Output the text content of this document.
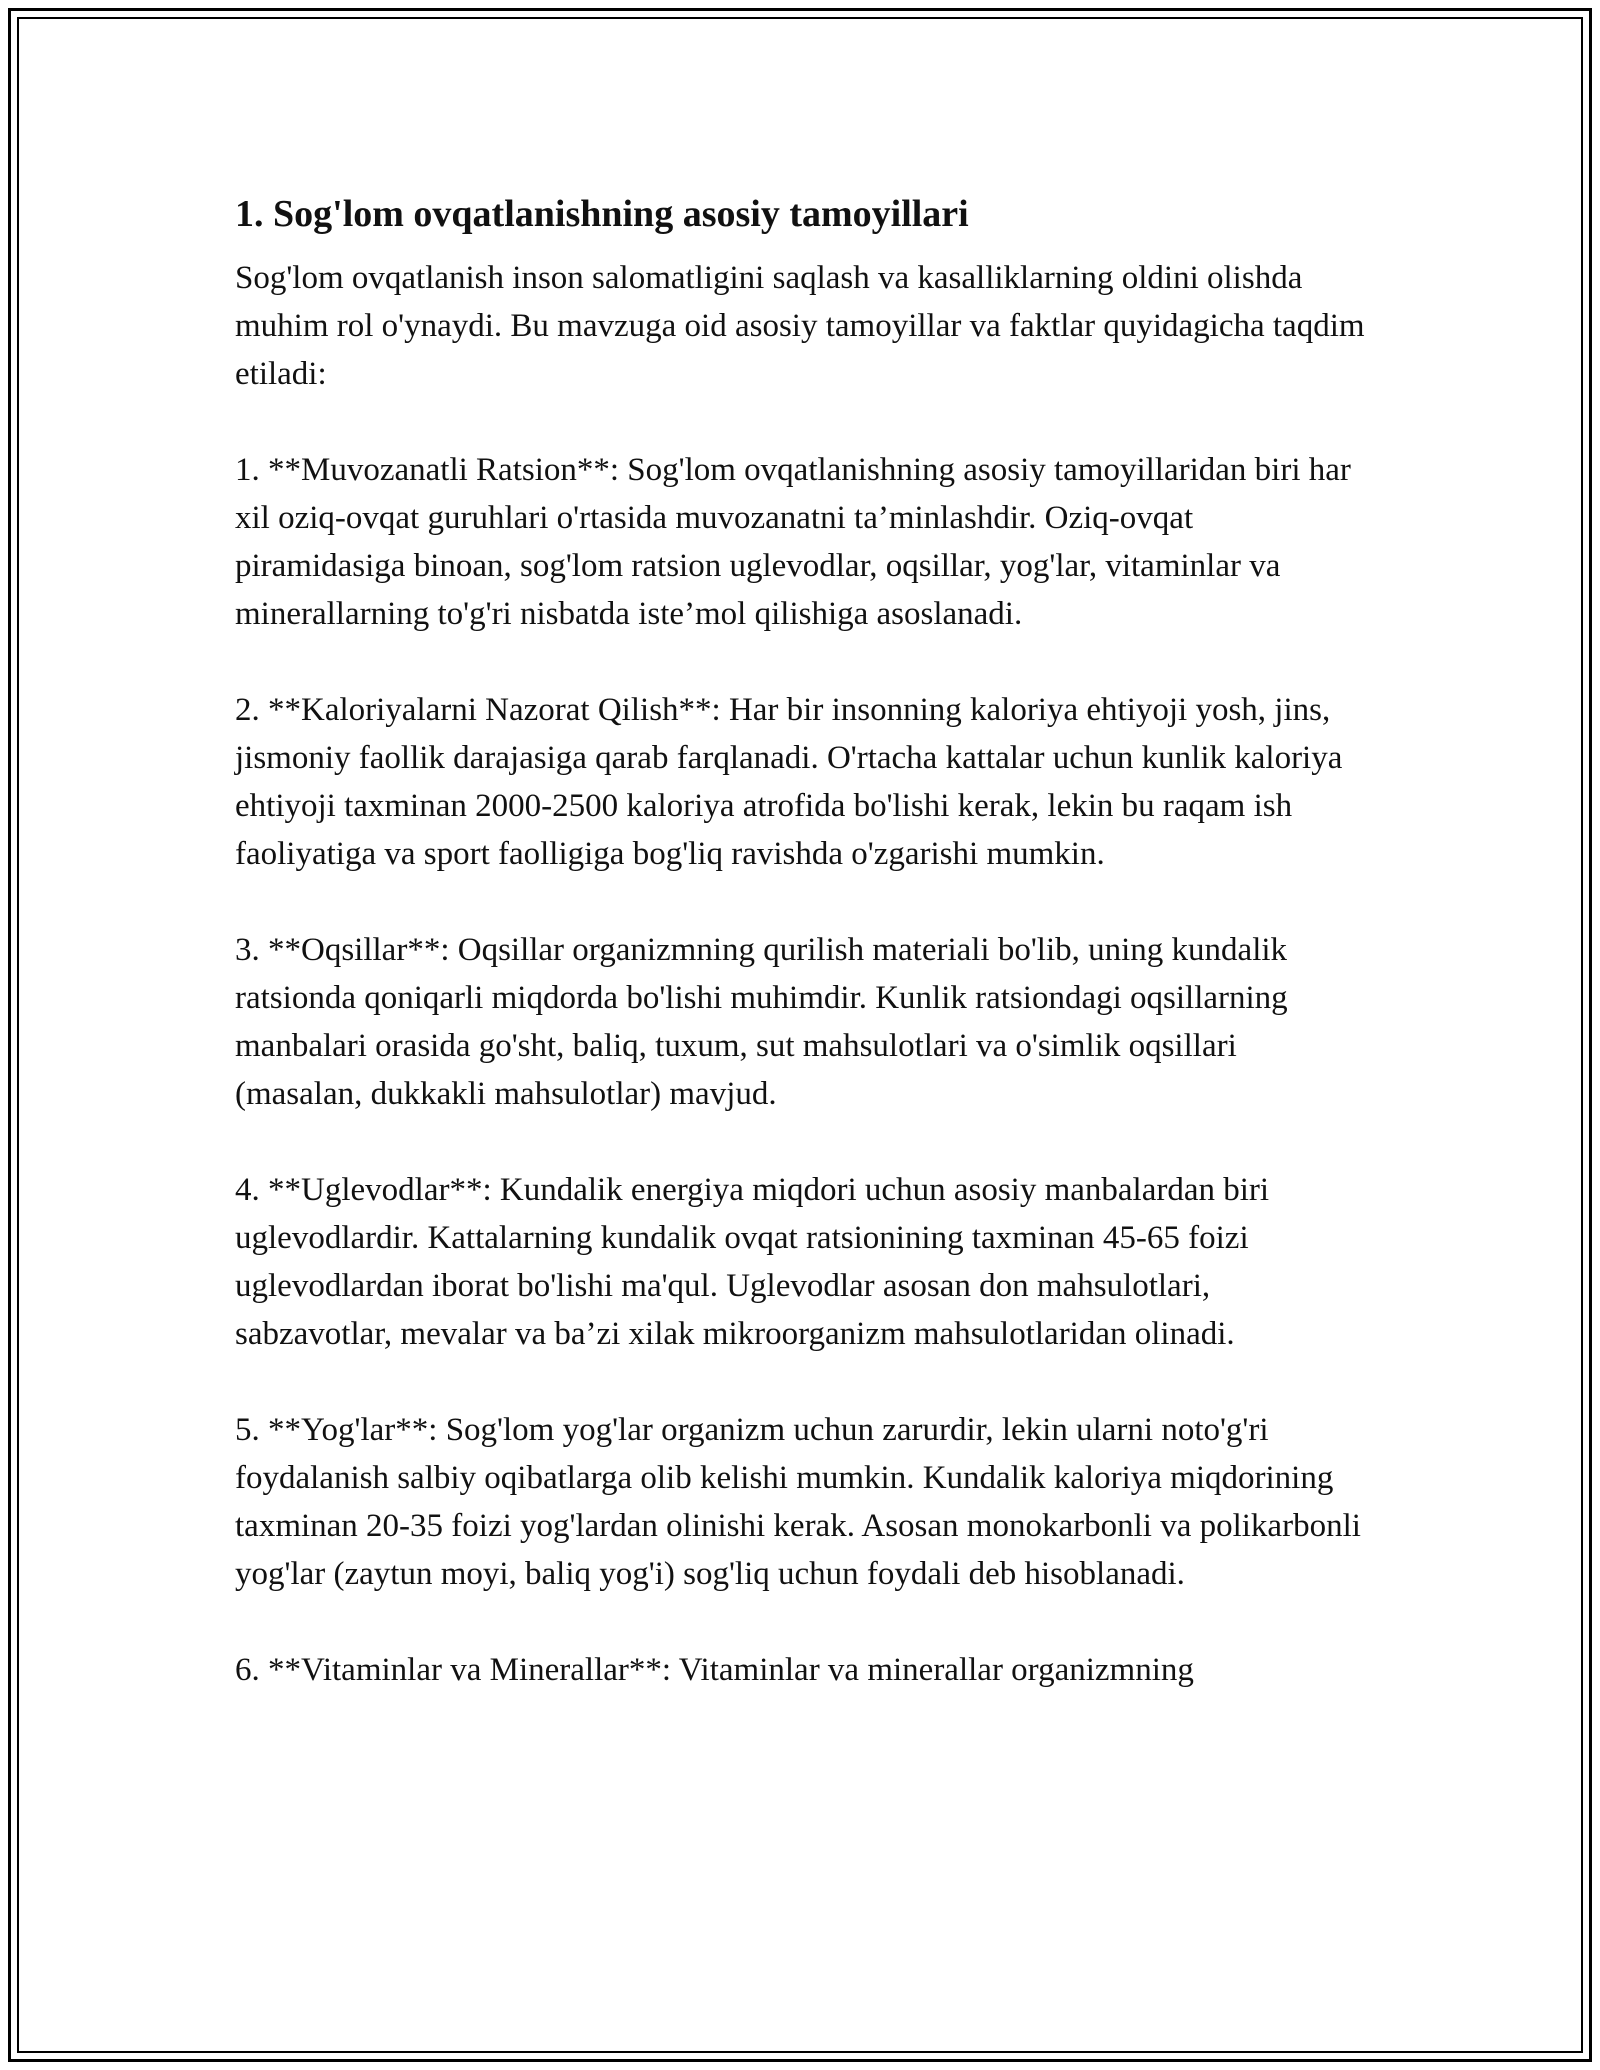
1. Sog'lom ovqatlanishning asosiy tamoyillari

Sog'lom ovqatlanish inson salomatligini saqlash va kasalliklarning oldini olishda muhim rol o'ynaydi. Bu mavzuga oid asosiy tamoyillar va faktlar quyidagicha taqdim etiladi:

1. **Muvozanatli Ratsion**: Sog'lom ovqatlanishning asosiy tamoyillaridan biri har xil oziq-ovqat guruhlari o'rtasida muvozanatni ta’minlashdir. Oziq-ovqat piramidasiga binoan, sog'lom ratsion uglevodlar, oqsillar, yog'lar, vitaminlar va minerallarning to'g'ri nisbatda iste’mol qilishiga asoslanadi.

2. **Kaloriyalarni Nazorat Qilish**: Har bir insonning kaloriya ehtiyoji yosh, jins, jismoniy faollik darajasiga qarab farqlanadi. O'rtacha kattalar uchun kunlik kaloriya ehtiyoji taxminan 2000-2500 kaloriya atrofida bo'lishi kerak, lekin bu raqam ish faoliyatiga va sport faolligiga bog'liq ravishda o'zgarishi mumkin.

3. **Oqsillar**: Oqsillar organizmning qurilish materiali bo'lib, uning kundalik ratsionda qoniqarli miqdorda bo'lishi muhimdir. Kunlik ratsiondagi oqsillarning manbalari orasida go'sht, baliq, tuxum, sut mahsulotlari va o'simlik oqsillari (masalan, dukkakli mahsulotlar) mavjud.

4. **Uglevodlar**: Kundalik energiya miqdori uchun asosiy manbalardan biri uglevodlardir. Kattalarning kundalik ovqat ratsionining taxminan 45-65 foizi uglevodlardan iborat bo'lishi ma'qul. Uglevodlar asosan don mahsulotlari, sabzavotlar, mevalar va ba’zi xilak mikroorganizm mahsulotlaridan olinadi.

5. **Yog'lar**: Sog'lom yog'lar organizm uchun zarurdir, lekin ularni noto'g'ri foydalanish salbiy oqibatlarga olib kelishi mumkin. Kundalik kaloriya miqdorining taxminan 20-35 foizi yog'lardan olinishi kerak. Asosan monokarbonli va polikarbonli yog'lar (zaytun moyi, baliq yog'i) sog'liq uchun foydali deb hisoblanadi.

6. **Vitaminlar va Minerallar**: Vitaminlar va minerallar organizmning
